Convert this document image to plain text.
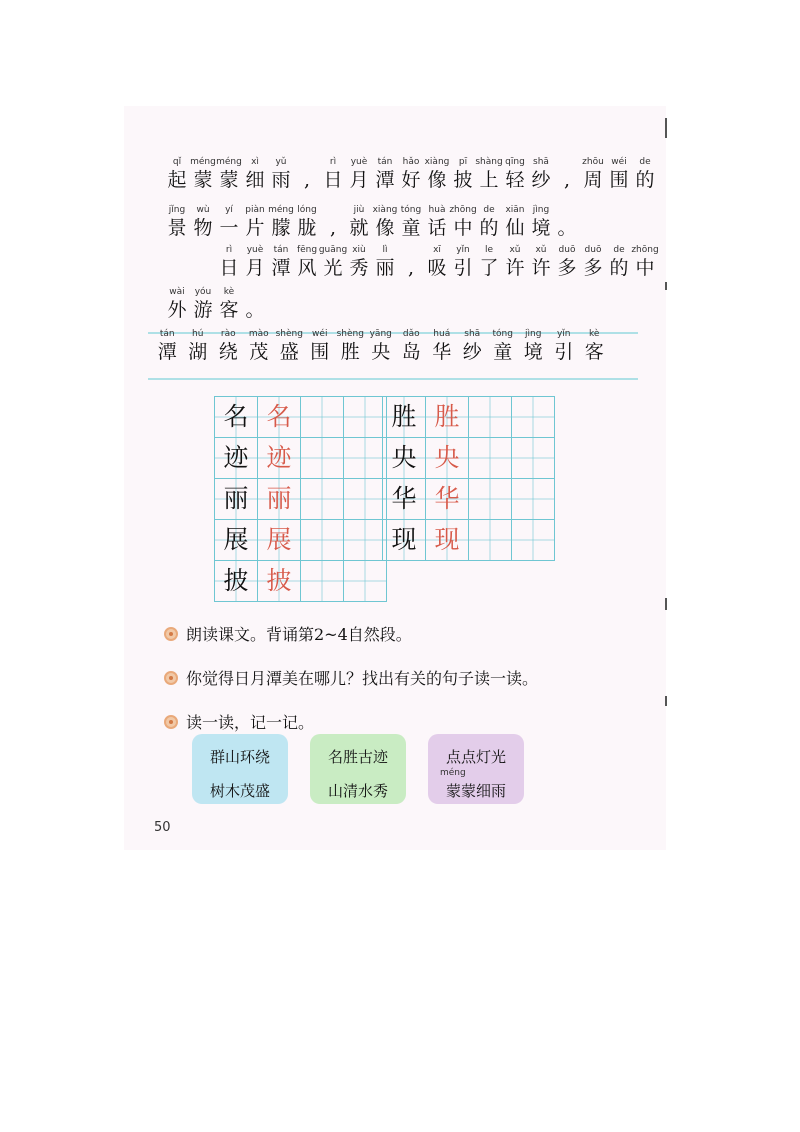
qǐ
起
méng
蒙
méng
蒙
xì
细
yǔ
雨 ,
rì
日
yuè
月
tán
潭
hǎo
好
xiàng
像
pī
披
shàng
上
qīng
轻
shā
纱 ,
zhōu
周
wéi
围
de
的
jǐng
景
wù
物
yí
一
piàn
片
méng
朦
lóng
胧 ,
jiù
就
xiàng
像
tóng
童
huà
话
zhōng
中
de
的
xiān
仙
jìng
境 。
rì
日
yuè
月
tán
潭
fēng
风
guāng
光
xiù
秀
lì
丽 ,
xī
吸
yǐn
引
le
了
xǔ
许
xǔ
许
duō
多
duō
多
de
的
zhōng
中
wài
外
yóu
游
kè
客 。
tán
潭
hú
湖
rào
绕
mào
茂
shèng
盛
wéi
围
shèng
胜
yāng
央
dǎo
岛
huá
华
shā
纱
tóng
童
jìng
境
yǐn
引
kè
客
名	名		
迹	迹		
丽	丽		
展	展		
披	披		
胜	胜		
央	央		
华	华		
现	现		
朗读课文。背诵第2~4自然段。
你觉得日月潭美在哪儿？找出有关的句子读一读。
读一读，记一记。
群山环绕
树木茂盛
名胜古迹
山清水秀
点点灯光
méng
蒙蒙细雨
50
